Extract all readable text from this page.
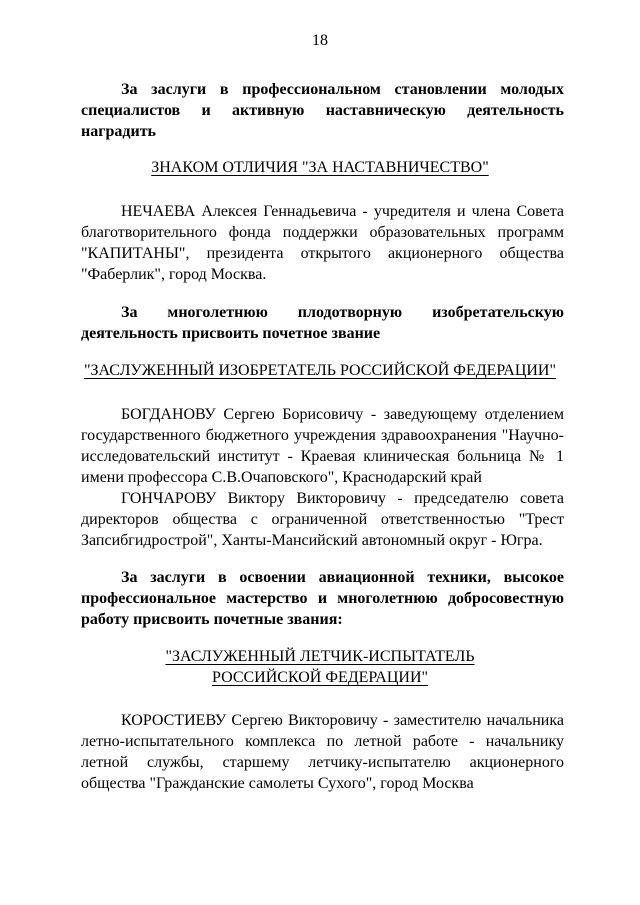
18
За заслуги в профессиональном становлении молодых
специалистов и активную наставническую деятельность
наградить
ЗНАКОМ ОТЛИЧИЯ "ЗА НАСТАВНИЧЕСТВО"
НЕЧАЕВА Алексея Геннадьевича - учредителя и члена Совета благотворительного фонда поддержки образовательных программ "КАПИТАНЫ", президента открытого акционерного общества "Фаберлик", город Москва.
За многолетнюю плодотворную изобретательскую
деятельность присвоить почетное звание
"ЗАСЛУЖЕННЫЙ ИЗОБРЕТАТЕЛЬ РОССИЙСКОЙ ФЕДЕРАЦИИ"
БОГДАНОВУ Сергею Борисовичу - заведующему отделением государственного бюджетного учреждения здравоохранения "Научно-исследовательский институт - Краевая клиническая больница № 1 имени профессора С.В.Очаповского", Краснодарский край
ГОНЧАРОВУ Виктору Викторовичу - председателю совета директоров общества с ограниченной ответственностью "Трест Запсибгидрострой", Ханты-Мансийский автономный округ - Югра.
За заслуги в освоении авиационной техники, высокое
профессиональное мастерство и многолетнюю добросовестную
работу присвоить почетные звания:
"ЗАСЛУЖЕННЫЙ ЛЕТЧИК-ИСПЫТАТЕЛЬ
РОССИЙСКОЙ ФЕДЕРАЦИИ"
КОРОСТИЕВУ Сергею Викторовичу - заместителю начальника летно-испытательного комплекса по летной работе - начальнику летной службы, старшему летчику-испытателю акционерного общества "Гражданские самолеты Сухого", город Москва
